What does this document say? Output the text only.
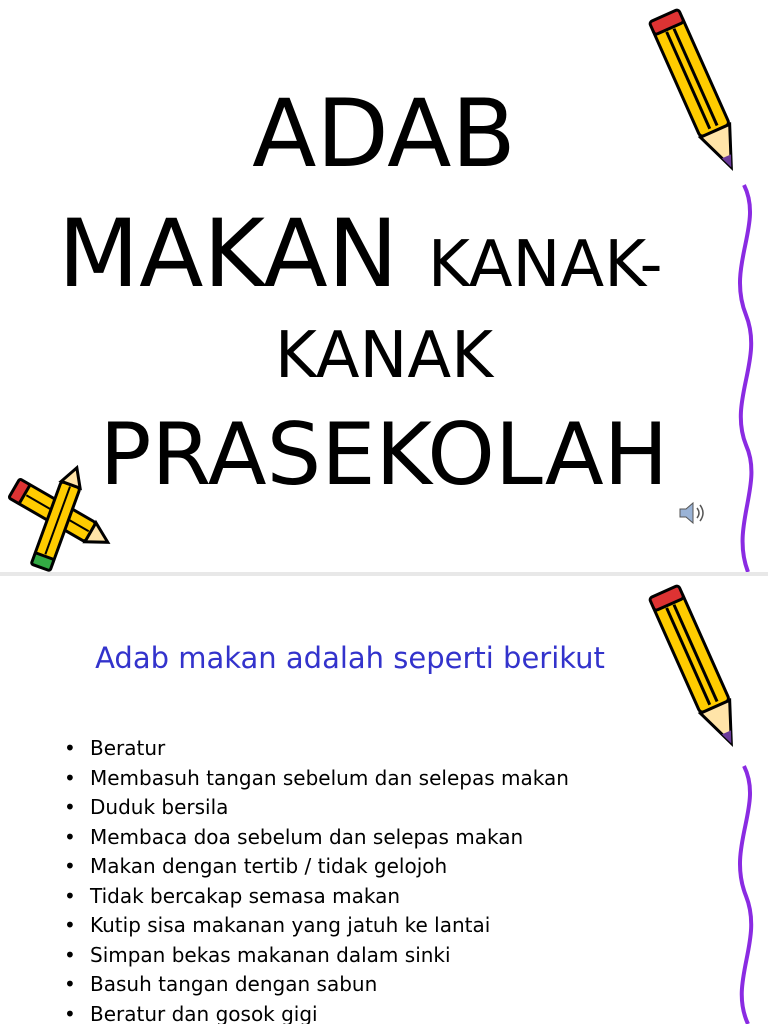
ADAB
MAKAN KANAK-
KANAK
PRASEKOLAH
Adab makan adalah seperti berikut
• Beratur
• Membasuh tangan sebelum dan selepas makan
• Duduk bersila
• Membaca doa sebelum dan selepas makan
• Makan dengan tertib / tidak gelojoh
• Tidak bercakap semasa makan
• Kutip sisa makanan yang jatuh ke lantai
• Simpan bekas makanan dalam sinki
• Basuh tangan dengan sabun
• Beratur dan gosok gigi
